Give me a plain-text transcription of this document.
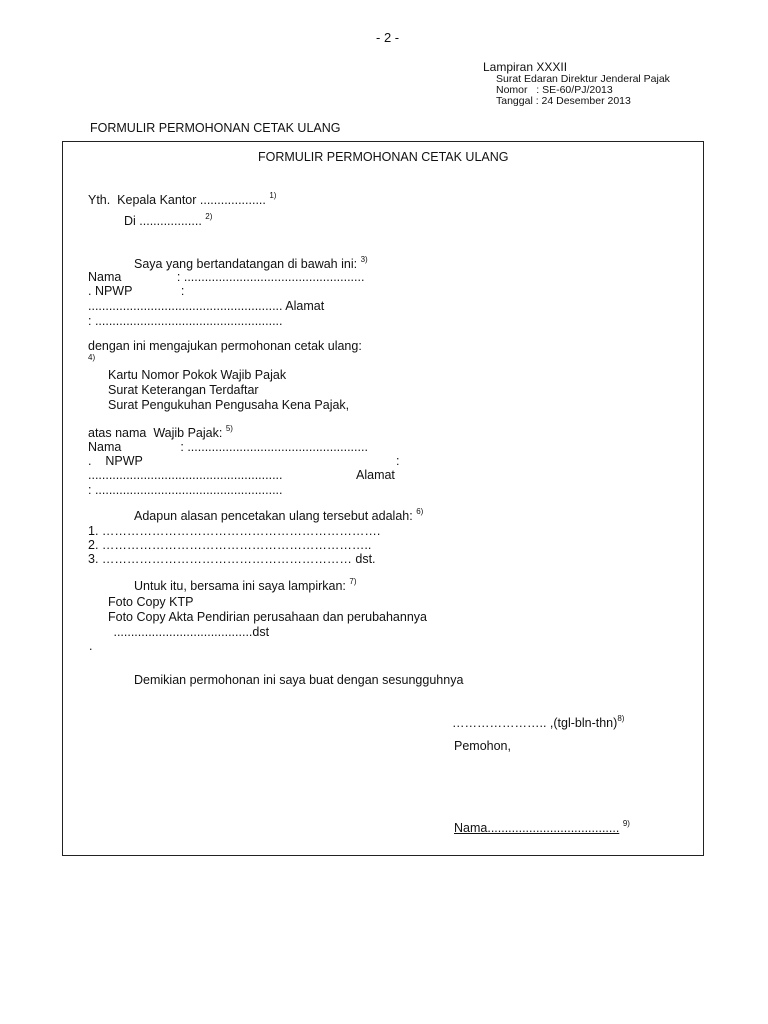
- 2 -
Lampiran XXXII
Surat Edaran Direktur Jenderal Pajak
Nomor   : SE-60/PJ/2013
Tanggal : 24 Desember 2013
FORMULIR PERMOHONAN CETAK ULANG
FORMULIR PERMOHONAN CETAK ULANG
Yth.  Kepala Kantor ................... $^{1)}$
Di .................. $^{2)}$
Saya yang bertandatangan di bawah ini: $^{3)}$
Nama                : ....................................................
. NPWP              :
........................................................ Alamat
: ......................................................
dengan ini mengajukan permohonan cetak ulang:
4)
Kartu Nomor Pokok Wajib Pajak
Surat Keterangan Terdaftar
Surat Pengukuhan Pengusaha Kena Pajak,
atas nama  Wajib Pajak: $^{5)}$
Nama                 : ....................................................
.    NPWP	:
........................................................	Alamat
: ......................................................
Adapun alasan pencetakan ulang tersebut adalah: $^{6)}$
1. ………………………………………………………….
2. ………………………………………………………..
3. …………………………………………………… dst.
Untuk itu, bersama ini saya lampirkan: $^{7)}$
Foto Copy KTP
Foto Copy Akta Pendirian perusahaan dan perubahannya
........................................dst
.
Demikian permohonan ini saya buat dengan sesungguhnya
………………….. $,(tgl-bln-thn)^{8)}$
Pemohon,
Nama...................................... $^{9)}$
